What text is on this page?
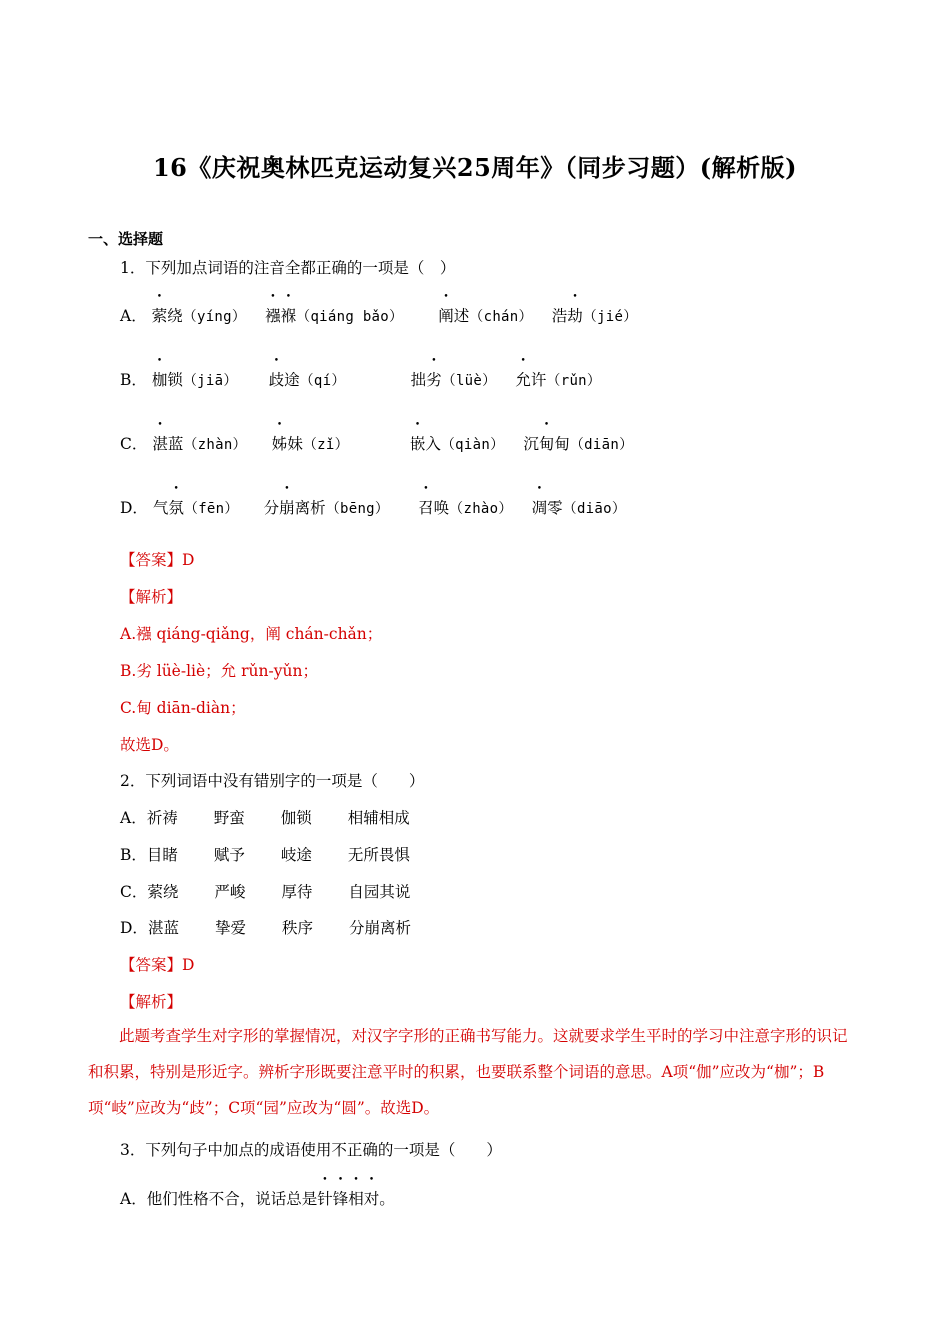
16《庆祝奥林匹克运动复兴25周年》（同步习题）(解析版)
一、选择题
1．下列加点词语的注音全都正确的一项是（　）
A． 萦绕（yíng） 襁褓（qiáng bǎo） 阐述（chán） 浩劫（jié）
B． 枷锁（jiā） 歧途（qí）	拙劣（lüè） 允许（rǔn）
C． 湛蓝（zhàn） 姊妹（zǐ）	嵌入（qiàn） 沉甸甸（diān）
D． 气氛（fēn） 分崩离析（bēng） 召唤（zhào） 凋零（diāo）
【答案】D
【解析】
A.襁 qiáng-qiǎng，阐 chán-chǎn；
B.劣 lüè-liè；允 rǔn-yǔn；
C.甸 diān-diàn；
故选D。
2．下列词语中没有错别字的一项是（　　）
A．祈祷 野蛮 伽锁 相辅相成
B．目睹 赋予 岐途 无所畏惧
C．萦绕 严峻 厚待 自园其说
D．湛蓝 挚爱 秩序 分崩离析
【答案】D
【解析】
此题考查学生对字形的掌握情况，对汉字字形的正确书写能力。这就要求学生平时的学习中注意字形的识记和积累，特别是形近字。辨析字形既要注意平时的积累，也要联系整个词语的意思。A项“伽”应改为“枷”；B项“岐”应改为“歧”；C项“园”应改为“圆”。故选D。
3．下列句子中加点的成语使用不正确的一项是（　　）
A．他们性格不合，说话总是针锋相对。
